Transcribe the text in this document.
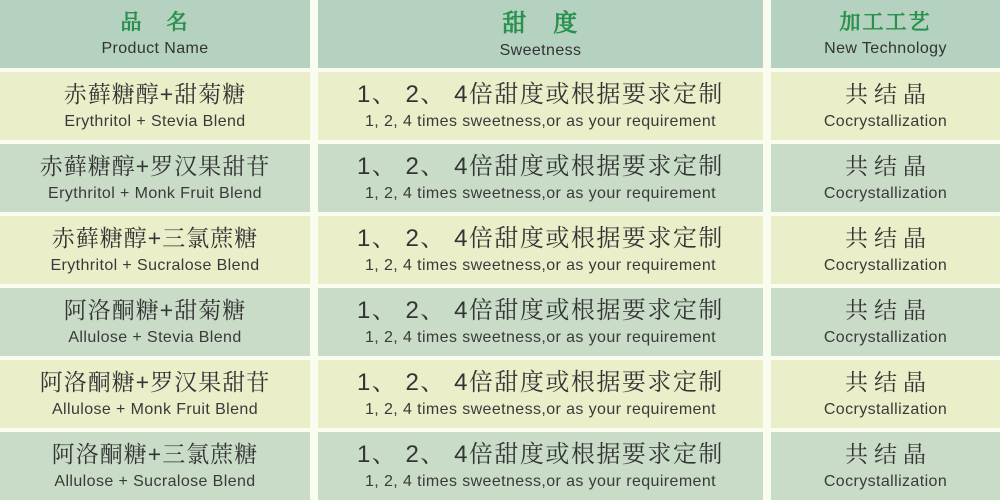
品　名
Product Name
甜　度
Sweetness
加工工艺
New Technology
赤藓糖醇+甜菊糖
Erythritol + Stevia Blend
1、 2、 4倍甜度或根据要求定制
1, 2, 4 times sweetness,or as your requirement
共结晶
Cocrystallization
赤藓糖醇+罗汉果甜苷
Erythritol + Monk Fruit Blend
1、 2、 4倍甜度或根据要求定制
1, 2, 4 times sweetness,or as your requirement
共结晶
Cocrystallization
赤藓糖醇+三氯蔗糖
Erythritol + Sucralose Blend
1、 2、 4倍甜度或根据要求定制
1, 2, 4 times sweetness,or as your requirement
共结晶
Cocrystallization
阿洛酮糖+甜菊糖
Allulose + Stevia Blend
1、 2、 4倍甜度或根据要求定制
1, 2, 4 times sweetness,or as your requirement
共结晶
Cocrystallization
阿洛酮糖+罗汉果甜苷
Allulose + Monk Fruit Blend
1、 2、 4倍甜度或根据要求定制
1, 2, 4 times sweetness,or as your requirement
共结晶
Cocrystallization
阿洛酮糖+三氯蔗糖
Allulose + Sucralose Blend
1、 2、 4倍甜度或根据要求定制
1, 2, 4 times sweetness,or as your requirement
共结晶
Cocrystallization
